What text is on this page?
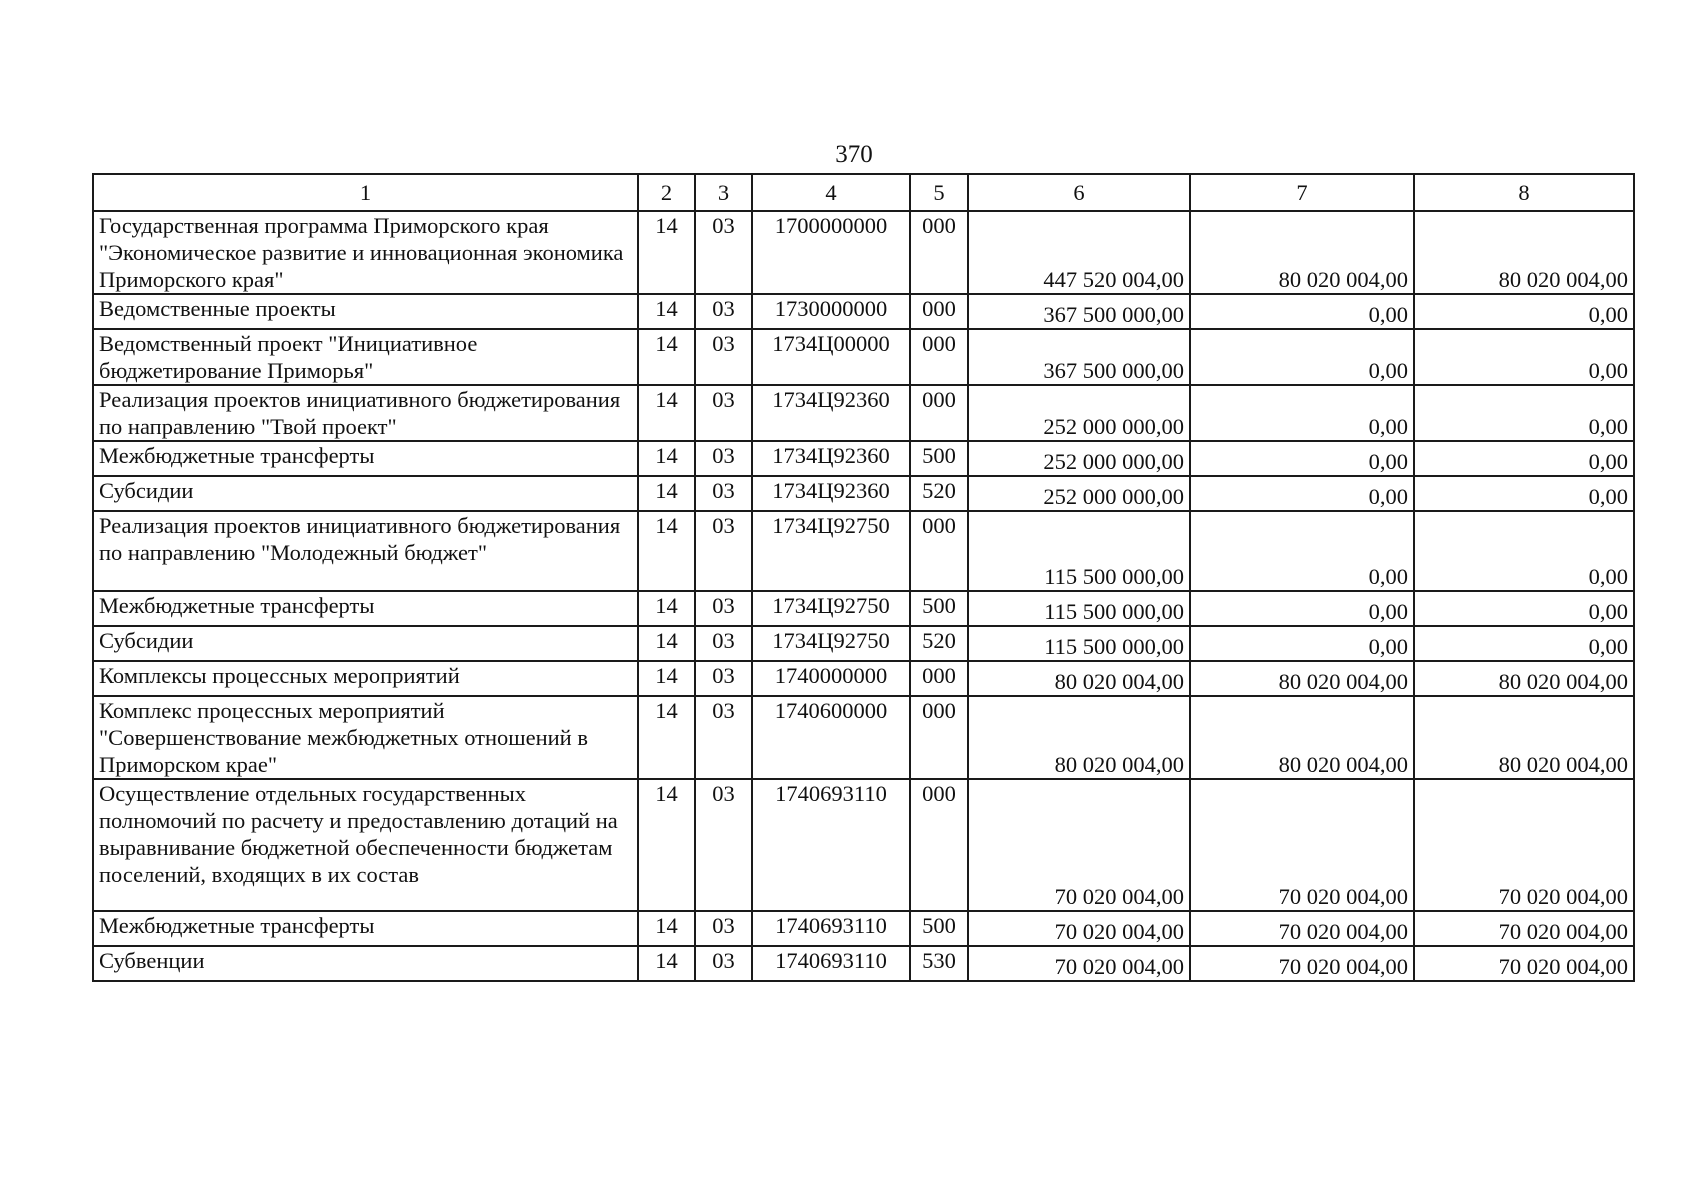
370
1	2	3	4	5	6	7	8
Государственная программа Приморского края "Экономическое развитие и инновационная экономика Приморского края"	14	03	1700000000	000	447 520 004,00	80 020 004,00	80 020 004,00
Ведомственные проекты	14	03	1730000000	000	367 500 000,00	0,00	0,00
Ведомственный проект "Инициативное бюджетирование Приморья"	14	03	1734Ц00000	000	367 500 000,00	0,00	0,00
Реализация проектов инициативного бюджетирования по направлению "Твой проект"	14	03	1734Ц92360	000	252 000 000,00	0,00	0,00
Межбюджетные трансферты	14	03	1734Ц92360	500	252 000 000,00	0,00	0,00
Субсидии	14	03	1734Ц92360	520	252 000 000,00	0,00	0,00
Реализация проектов инициативного бюджетирования по направлению "Молодежный бюджет"	14	03	1734Ц92750	000	115 500 000,00	0,00	0,00
Межбюджетные трансферты	14	03	1734Ц92750	500	115 500 000,00	0,00	0,00
Субсидии	14	03	1734Ц92750	520	115 500 000,00	0,00	0,00
Комплексы процессных мероприятий	14	03	1740000000	000	80 020 004,00	80 020 004,00	80 020 004,00
Комплекс процессных мероприятий "Совершенствование межбюджетных отношений в Приморском крае"	14	03	1740600000	000	80 020 004,00	80 020 004,00	80 020 004,00
Осуществление отдельных государственных полномочий по расчету и предоставлению дотаций на выравнивание бюджетной обеспеченности бюджетам поселений, входящих в их состав	14	03	1740693110	000	70 020 004,00	70 020 004,00	70 020 004,00
Межбюджетные трансферты	14	03	1740693110	500	70 020 004,00	70 020 004,00	70 020 004,00
Субвенции	14	03	1740693110	530	70 020 004,00	70 020 004,00	70 020 004,00
